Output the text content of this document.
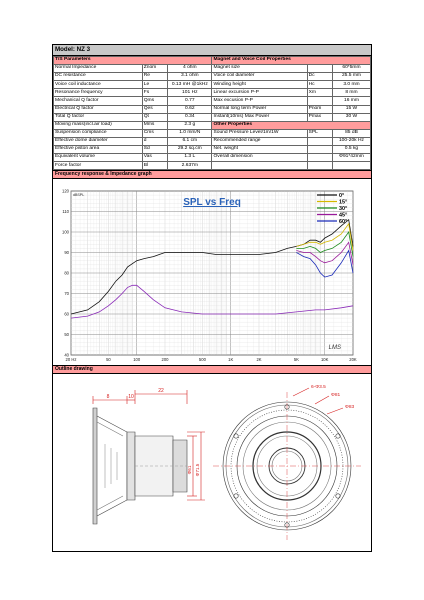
Model: NZ 3
T/S Parameters			Magnet and Voice Coil Properties		
Normal Impedance	Znom	4 ohm	Magnet size		60*5mm
DC resistance	Re	3.1 ohm	Voice coil diameter	Dc	25.5 mm
Voice coil inductance	Le	0.13 mH @1kHz	Winding height	Hc	3.0 mm
Resonance frequency	Fs	101 Hz	Linear excursion P-P	Xm	8 mm
Mechanical Q factor	Qms	0.77	Max excusion P-P		16 mm
Electrical Q factor	Qes	0.62	Normal long term Power	Pnom	15 W
Total Q factor	Qt	0.34	Instant(10ms) Max Power	Pmax	30 W
Moving mass(incl.air load)	Mms	2.3 g	Other Properties		
Suspension compliance	Cms	1.0 mm/N	Sound Pressure Level/1m/1W	SPL	85 dB
Effective dome diameter	d	6.1 cm	Recommended range		100-20k Hz
Effective piston area	Sd	29.2 sq.cm	Net. weight		0.5 kg
Equivalent volume	Vas	1.3 L	Overall dimension		Φ91*42mm
Force factor	Bl	2.637m			
Frequency response & Impedance graph
40
50
60
70
80
90
100
110
120
20 Hz	50	100	200	500	1K	2K	5K	10K	20K
dBSPL
SPL vs Freq
0°
15°
30°
45°
60°
LMS
Outline drawing
8	10
22
Φ61 Φ71.5
6-Φ3.5
Φ81
Φ83
